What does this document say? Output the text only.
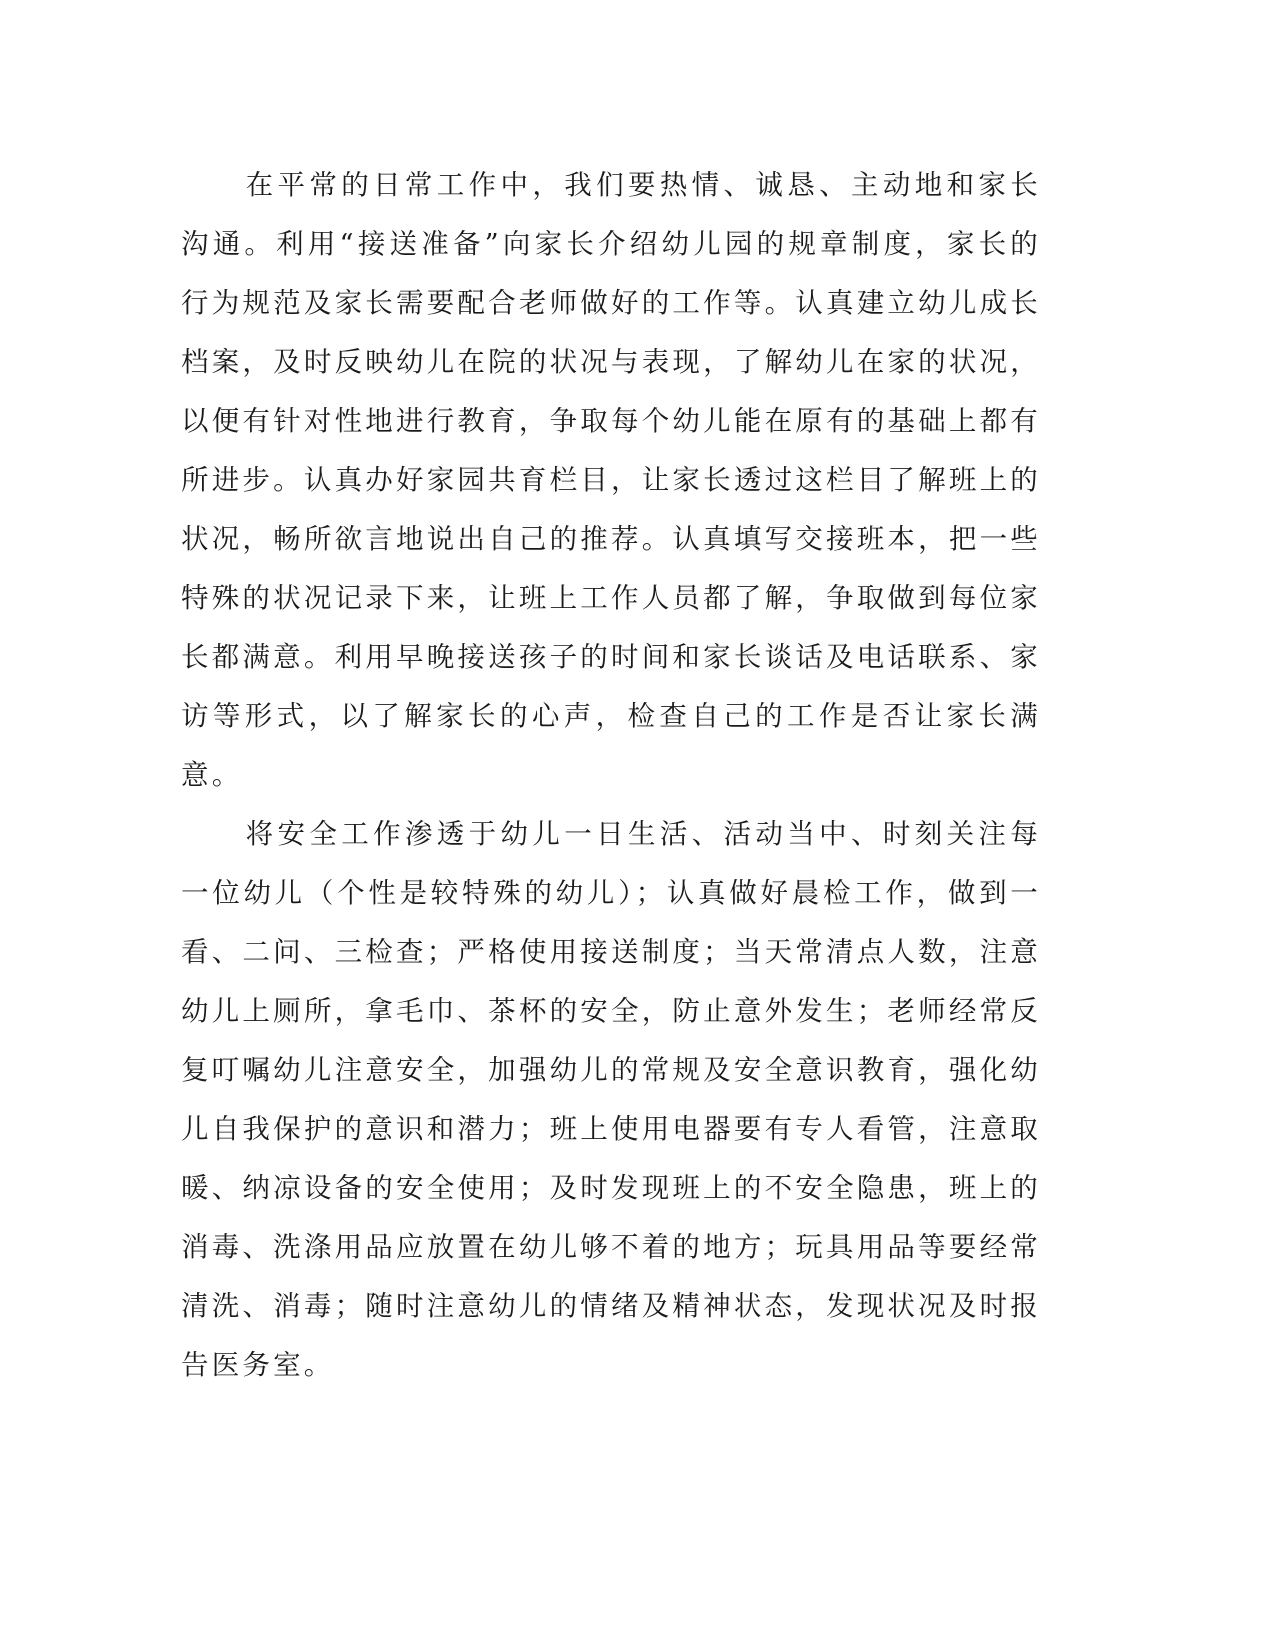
在平常的日常工作中，我们要热情、诚恳、主动地和家长沟通。利用“接送准备”向家长介绍幼儿园的规章制度，家长的行为规范及家长需要配合老师做好的工作等。认真建立幼儿成长档案，及时反映幼儿在院的状况与表现，了解幼儿在家的状况，以便有针对性地进行教育，争取每个幼儿能在原有的基础上都有所进步。认真办好家园共育栏目，让家长透过这栏目了解班上的状况，畅所欲言地说出自己的推荐。认真填写交接班本，把一些特殊的状况记录下来，让班上工作人员都了解，争取做到每位家长都满意。利用早晚接送孩子的时间和家长谈话及电话联系、家访等形式，以了解家长的心声，检查自己的工作是否让家长满意。

将安全工作渗透于幼儿一日生活、活动当中、时刻关注每一位幼儿（个性是较特殊的幼儿）；认真做好晨检工作，做到一看、二问、三检查；严格使用接送制度；当天常清点人数，注意幼儿上厕所，拿毛巾、茶杯的安全，防止意外发生；老师经常反复叮嘱幼儿注意安全，加强幼儿的常规及安全意识教育，强化幼儿自我保护的意识和潜力；班上使用电器要有专人看管，注意取暖、纳凉设备的安全使用；及时发现班上的不安全隐患，班上的消毒、洗涤用品应放置在幼儿够不着的地方；玩具用品等要经常清洗、消毒；随时注意幼儿的情绪及精神状态，发现状况及时报告医务室。
